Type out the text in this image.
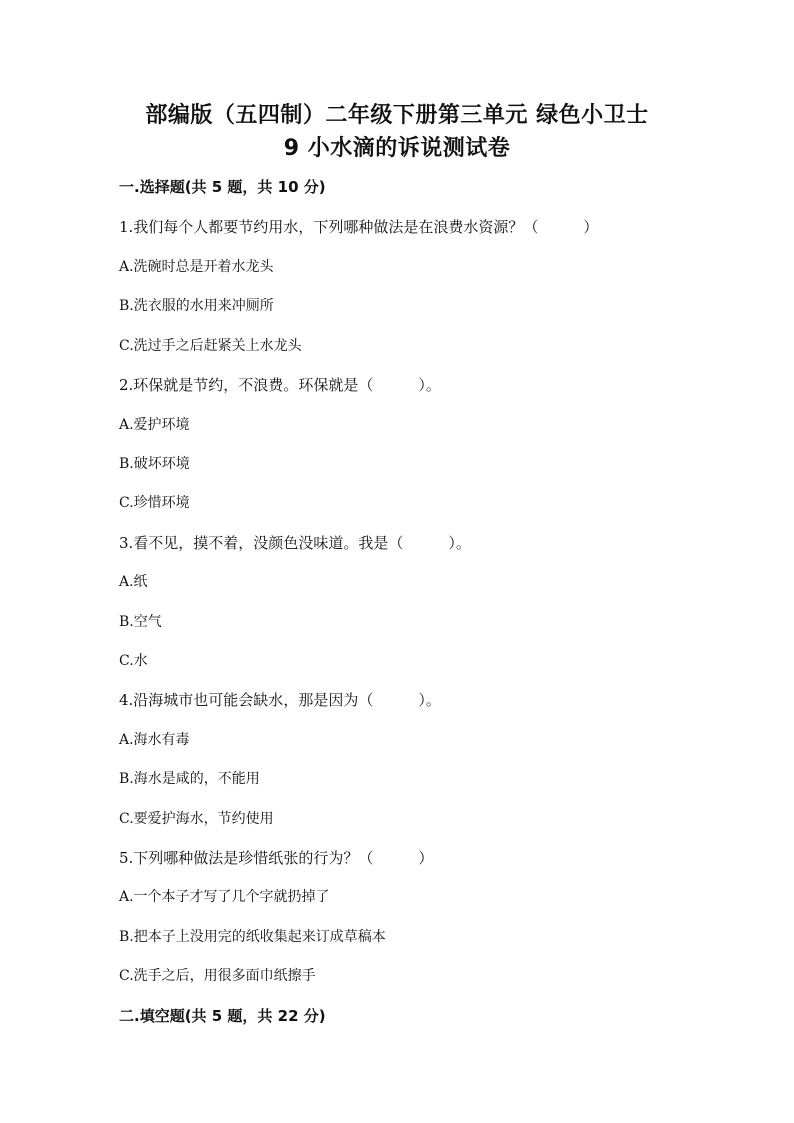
部编版（五四制）二年级下册第三单元 绿色小卫士
9 小水滴的诉说测试卷
一.选择题(共 5 题，共 10 分)
1.我们每个人都要节约用水，下列哪种做法是在浪费水资源？（　　　）
A.洗碗时总是开着水龙头
B.洗衣服的水用来冲厕所
C.洗过手之后赶紧关上水龙头
2.环保就是节约，不浪费。环保就是（　　　）。
A.爱护环境
B.破坏环境
C.珍惜环境
3.看不见，摸不着，没颜色没味道。我是（　　　）。
A.纸
B.空气
C.水
4.沿海城市也可能会缺水，那是因为（　　　）。
A.海水有毒
B.海水是咸的，不能用
C.要爱护海水，节约使用
5.下列哪种做法是珍惜纸张的行为？（　　　）
A.一个本子才写了几个字就扔掉了
B.把本子上没用完的纸收集起来订成草稿本
C.洗手之后，用很多面巾纸擦手
二.填空题(共 5 题，共 22 分)
